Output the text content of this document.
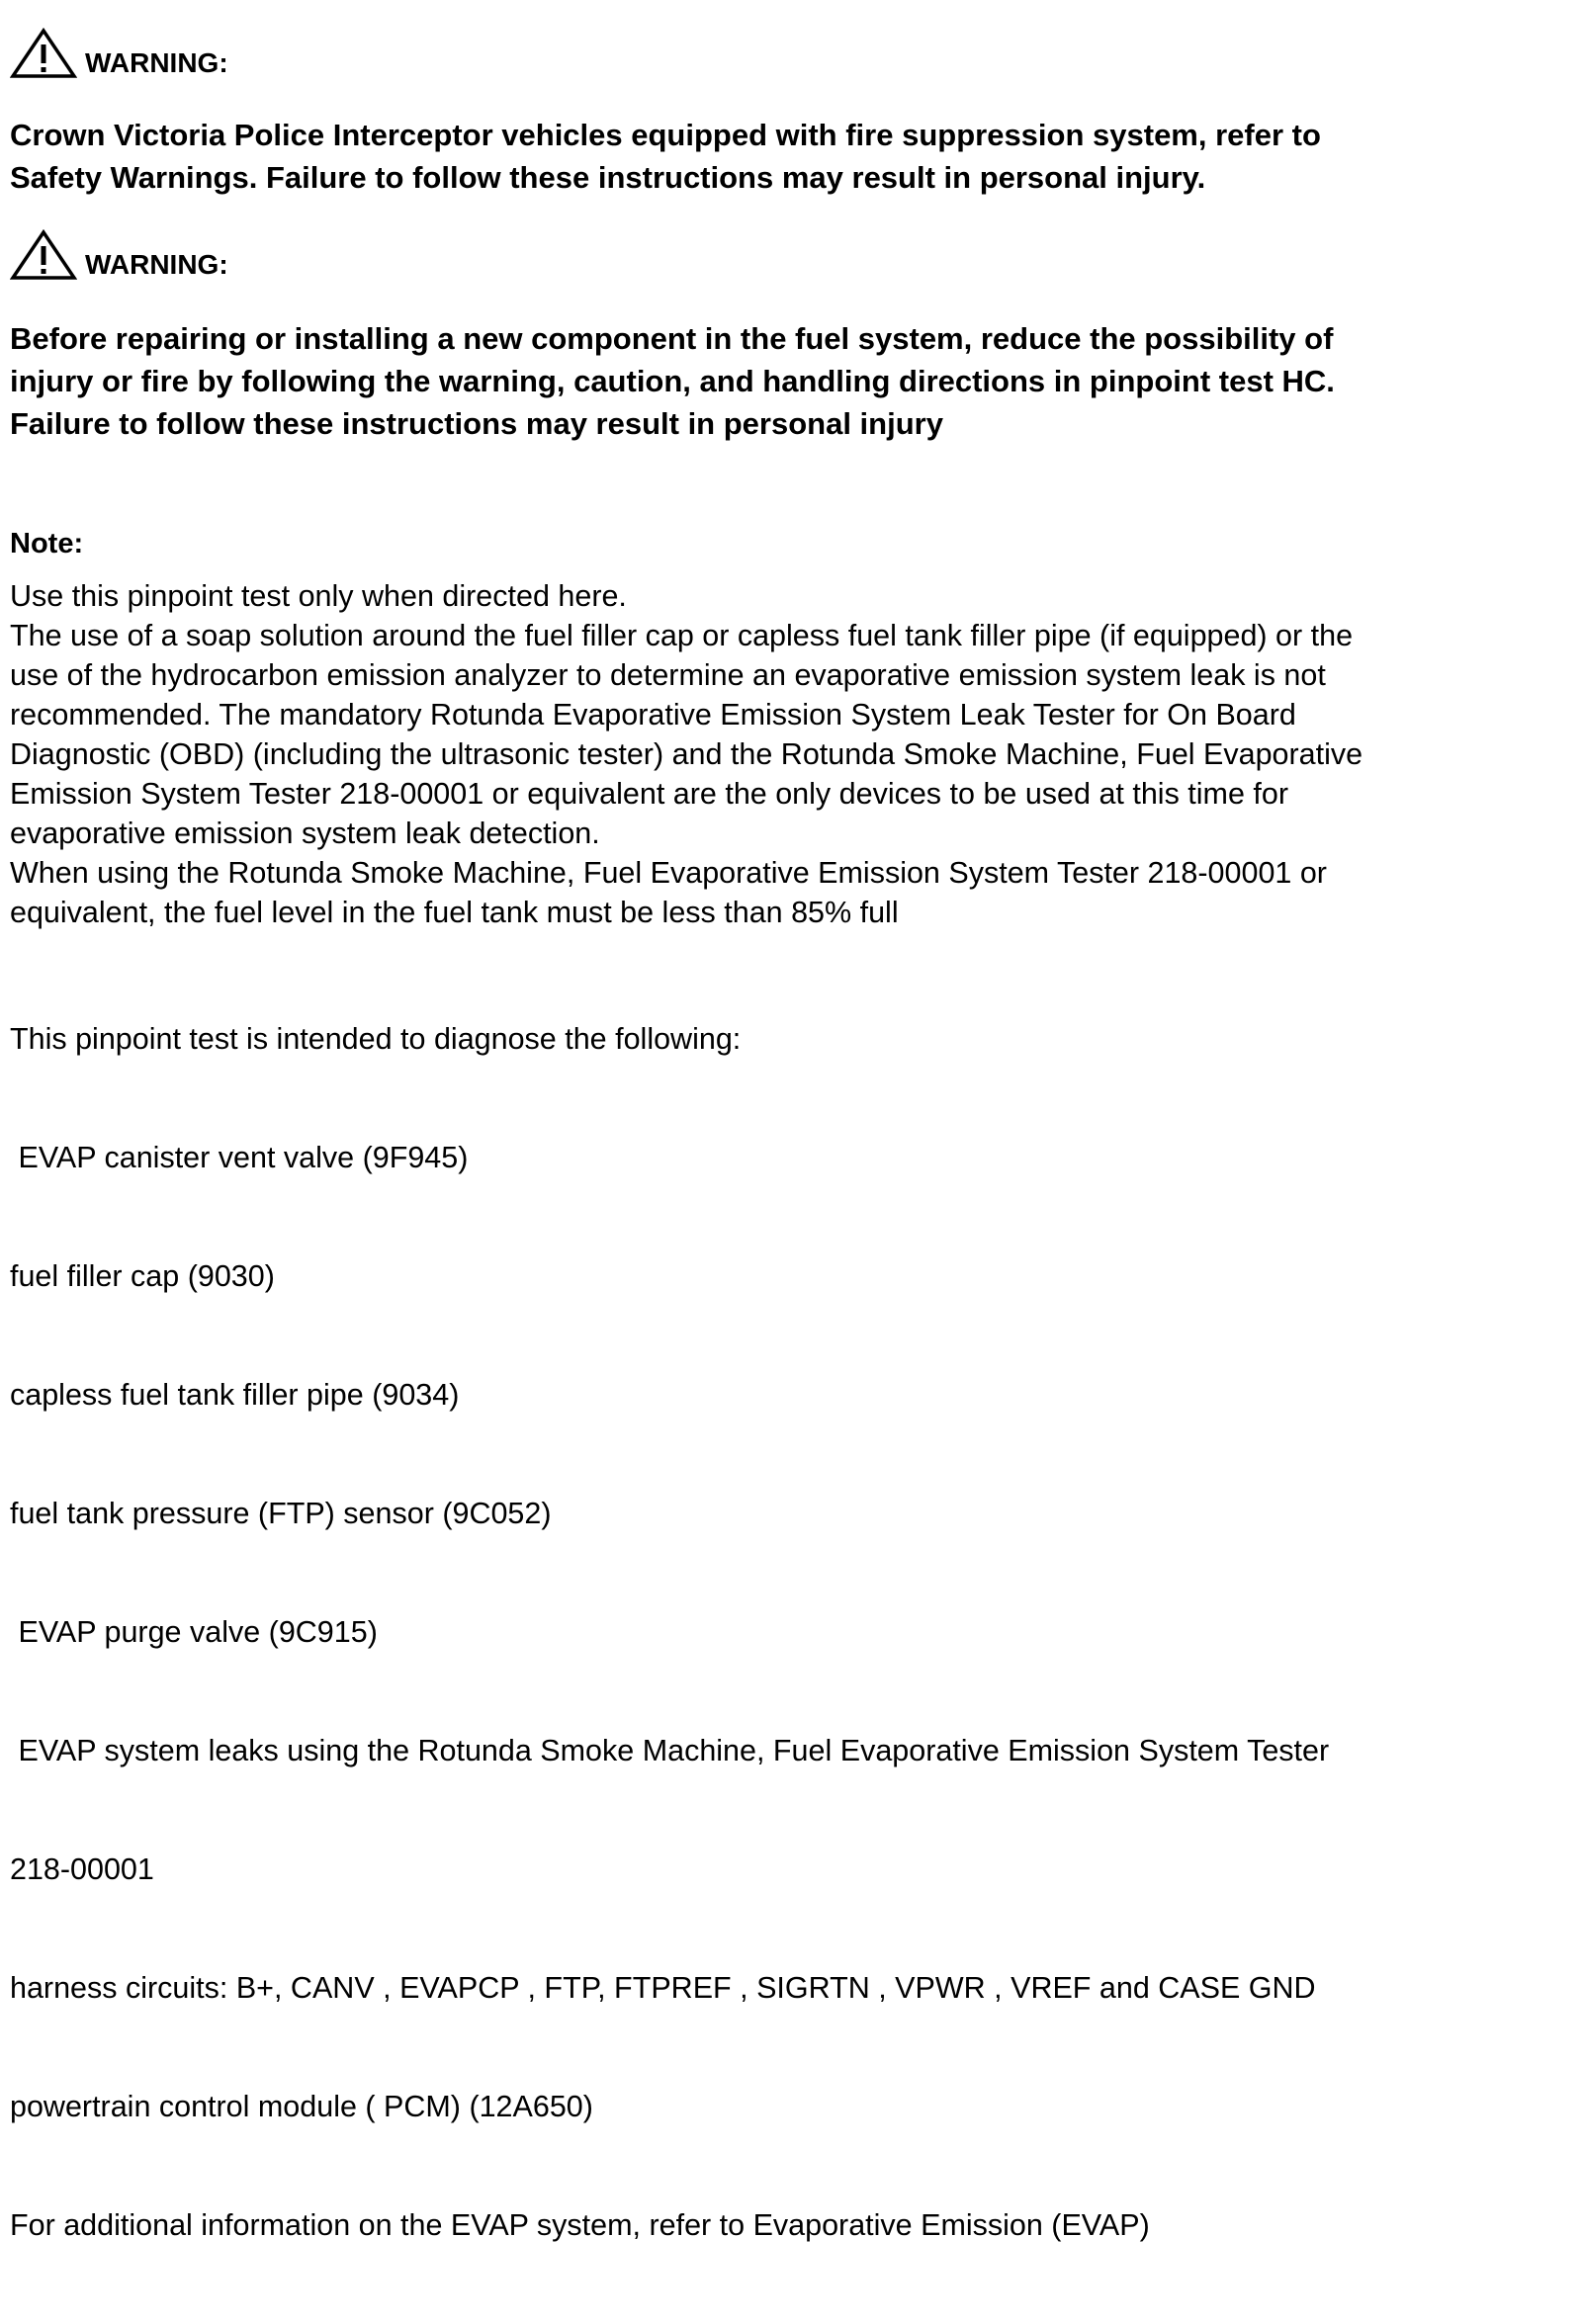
WARNING:
Crown Victoria Police Interceptor vehicles equipped with fire suppression system, refer to
Safety Warnings. Failure to follow these instructions may result in personal injury.
WARNING:
Before repairing or installing a new component in the fuel system, reduce the possibility of
injury or fire by following the warning, caution, and handling directions in pinpoint test HC.
Failure to follow these instructions may result in personal injury
Note:
Use this pinpoint test only when directed here.
The use of a soap solution around the fuel filler cap or capless fuel tank filler pipe (if equipped) or the
use of the hydrocarbon emission analyzer to determine an evaporative emission system leak is not
recommended. The mandatory Rotunda Evaporative Emission System Leak Tester for On Board
Diagnostic (OBD) (including the ultrasonic tester) and the Rotunda Smoke Machine, Fuel Evaporative
Emission System Tester 218-00001 or equivalent are the only devices to be used at this time for
evaporative emission system leak detection.
When using the Rotunda Smoke Machine, Fuel Evaporative Emission System Tester 218-00001 or
equivalent, the fuel level in the fuel tank must be less than 85% full

This pinpoint test is intended to diagnose the following:

EVAP canister vent valve (9F945)

fuel filler cap (9030)

capless fuel tank filler pipe (9034)

fuel tank pressure (FTP) sensor (9C052)

EVAP purge valve (9C915)

EVAP system leaks using the Rotunda Smoke Machine, Fuel Evaporative Emission System Tester

218-00001

harness circuits: B+, CANV , EVAPCP , FTP, FTPREF , SIGRTN , VPWR , VREF and CASE GND

powertrain control module ( PCM) (12A650)

For additional information on the EVAP system, refer to Evaporative Emission (EVAP)
